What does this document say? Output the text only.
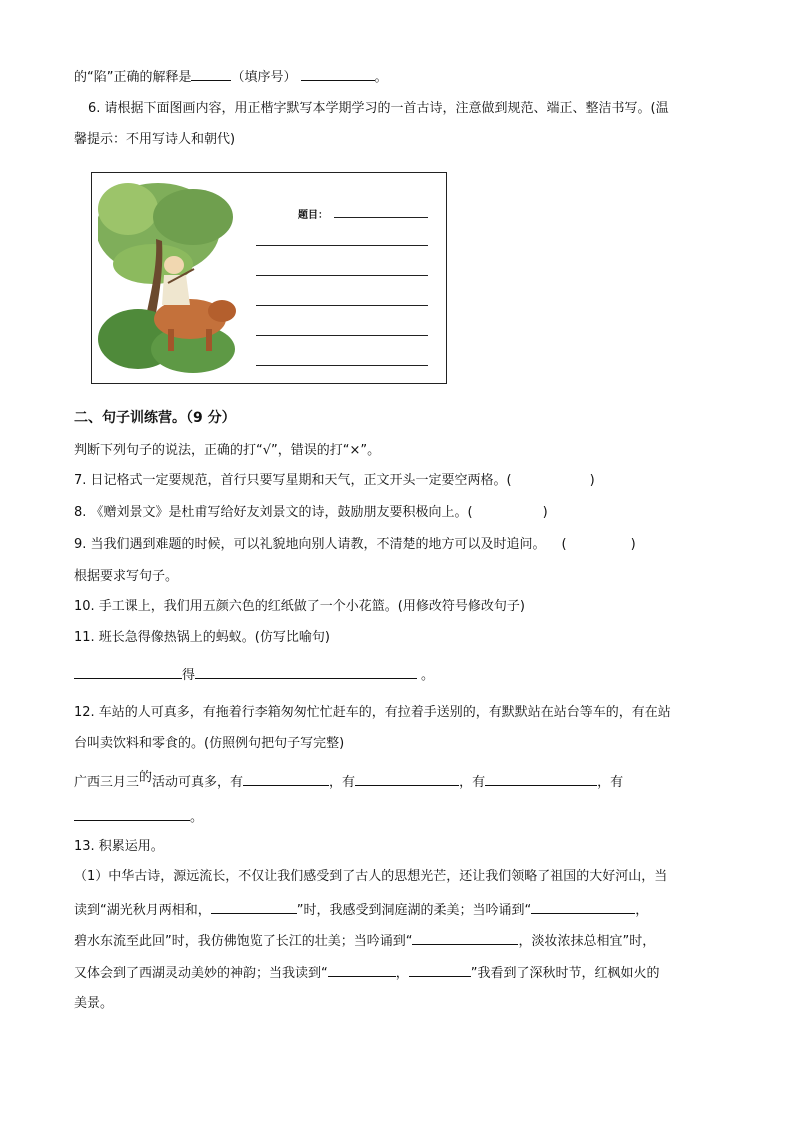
的“陷”正确的解释是	（填序号）	。
6. 请根据下面图画内容，用正楷字默写本学期学习的一首古诗，注意做到规范、端正、整洁书写。(温
馨提示：不用写诗人和朝代)
题目：
二、句子训练营。（9 分）
判断下列句子的说法，正确的打“√”，错误的打“×”。
7. 日记格式一定要规范，首行只要写星期和天气，正文开头一定要空两格。(	)
8. 《赠刘景文》是杜甫写给好友刘景文的诗，鼓励朋友要积极向上。(	)
9. 当我们遇到难题的时候，可以礼貌地向别人请教，不清楚的地方可以及时追问。 (	)
根据要求写句子。
10. 手工课上，我们用五颜六色的红纸做了一个小花篮。(用修改符号修改句子)
11. 班长急得像热锅上的蚂蚁。(仿写比喻句)
得	。
12. 车站的人可真多，有拖着行李箱匆匆忙忙赶车的，有拉着手送别的，有默默站在站台等车的，有在站
台叫卖饮料和零食的。(仿照例句把句子写完整)
广西三月三的活动可真多，有	，有	，有	，有
。
13. 积累运用。
（1）中华古诗，源远流长，不仅让我们感受到了古人的思想光芒，还让我们领略了祖国的大好河山，当
读到“湖光秋月两相和，	”时，我感受到洞庭湖的柔美；当吟诵到“	，
碧水东流至此回”时，我仿佛饱览了长江的壮美；当吟诵到“	，淡妆浓抹总相宜”时，
又体会到了西湖灵动美妙的神韵；当我读到“	，	”我看到了深秋时节，红枫如火的
美景。
